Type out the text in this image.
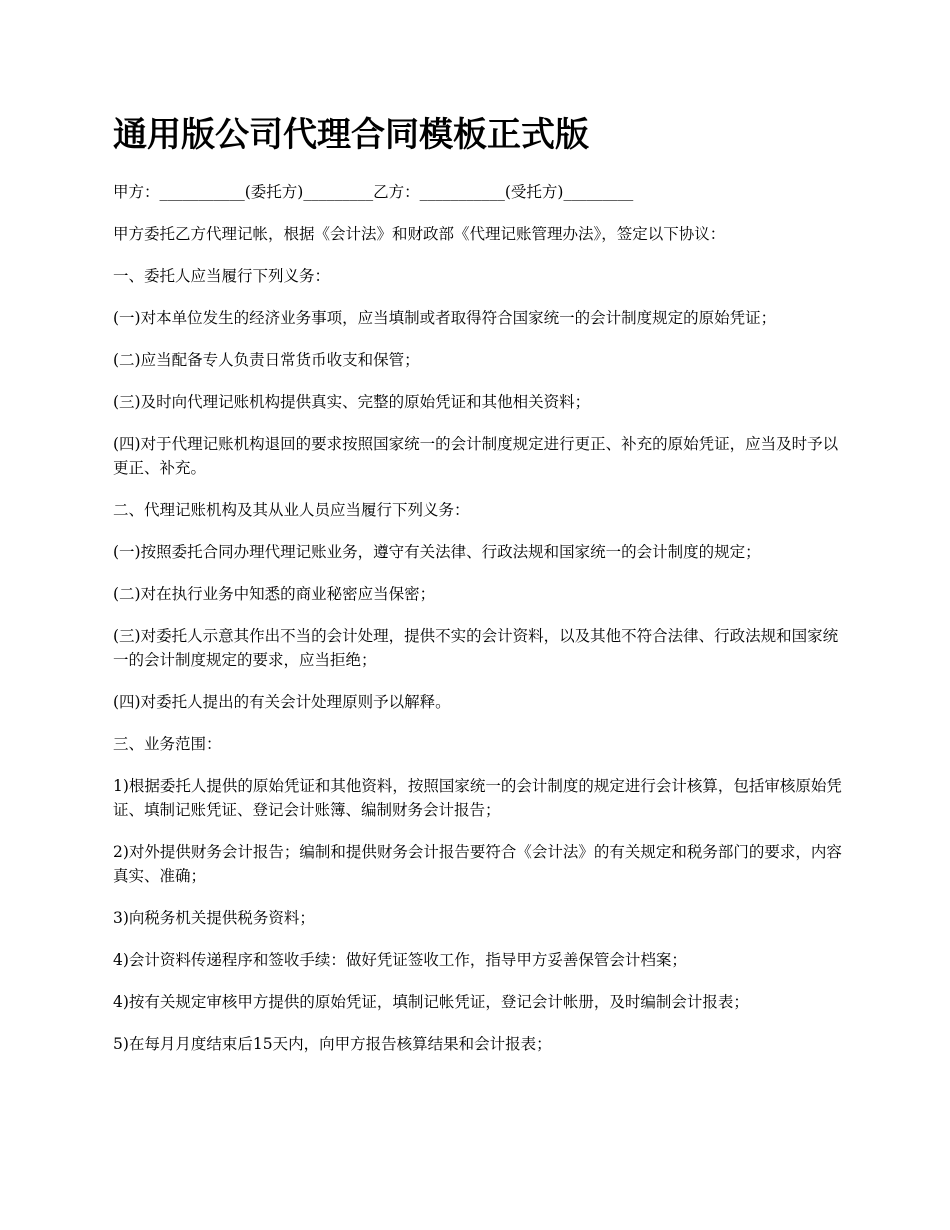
通用版公司代理合同模板正式版

甲方：___________(委托方)_________乙方：___________(受托方)_________

甲方委托乙方代理记帐，根据《会计法》和财政部《代理记账管理办法》，签定以下协议：

一、委托人应当履行下列义务：

(一)对本单位发生的经济业务事项，应当填制或者取得符合国家统一的会计制度规定的原始凭证；

(二)应当配备专人负责日常货币收支和保管；

(三)及时向代理记账机构提供真实、完整的原始凭证和其他相关资料；

(四)对于代理记账机构退回的要求按照国家统一的会计制度规定进行更正、补充的原始凭证，应当及时予以更正、补充。

二、代理记账机构及其从业人员应当履行下列义务：

(一)按照委托合同办理代理记账业务，遵守有关法律、行政法规和国家统一的会计制度的规定；

(二)对在执行业务中知悉的商业秘密应当保密；

(三)对委托人示意其作出不当的会计处理，提供不实的会计资料，以及其他不符合法律、行政法规和国家统一的会计制度规定的要求，应当拒绝；

(四)对委托人提出的有关会计处理原则予以解释。

三、业务范围：

1)根据委托人提供的原始凭证和其他资料，按照国家统一的会计制度的规定进行会计核算，包括审核原始凭证、填制记账凭证、登记会计账簿、编制财务会计报告；

2)对外提供财务会计报告；编制和提供财务会计报告要符合《会计法》的有关规定和税务部门的要求，内容真实、准确；

3)向税务机关提供税务资料；

4)会计资料传递程序和签收手续：做好凭证签收工作，指导甲方妥善保管会计档案；

4)按有关规定审核甲方提供的原始凭证，填制记帐凭证，登记会计帐册，及时编制会计报表；

5)在每月月度结束后15天内，向甲方报告核算结果和会计报表；
